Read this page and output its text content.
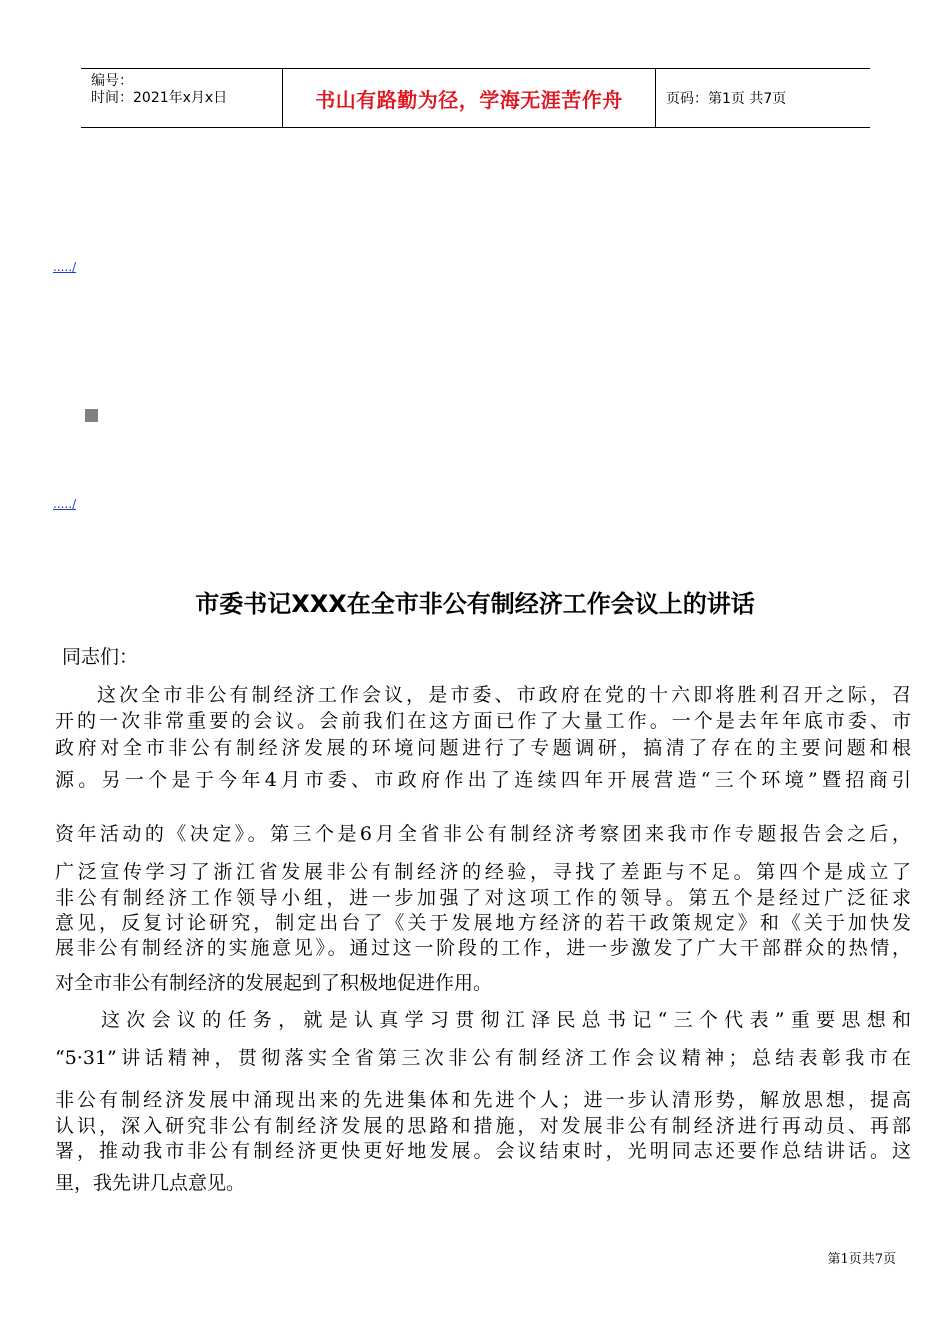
编号：
时间：2021年x月x日	书山有路勤为径，学海无涯苦作舟	页码：第1页 共7页
...../
...../
市委书记XXX在全市非公有制经济工作会议上的讲话
同志们：
这次全市非公有制经济工作会议，是市委、市政府在党的十六即将胜利召开之际，召
开的一次非常重要的会议。会前我们在这方面已作了大量工作。一个是去年年底市委、市
政府对全市非公有制经济发展的环境问题进行了专题调研，搞清了存在的主要问题和根
源。另一个是于今年4月市委、市政府作出了连续四年开展营造“三个环境”暨招商引
资年活动的《决定》。第三个是6月全省非公有制经济考察团来我市作专题报告会之后，
广泛宣传学习了浙江省发展非公有制经济的经验，寻找了差距与不足。第四个是成立了
非公有制经济工作领导小组，进一步加强了对这项工作的领导。第五个是经过广泛征求
意见，反复讨论研究，制定出台了《关于发展地方经济的若干政策规定》和《关于加快发
展非公有制经济的实施意见》。通过这一阶段的工作，进一步激发了广大干部群众的热情，
对全市非公有制经济的发展起到了积极地促进作用。
这次会议的任务，就是认真学习贯彻江泽民总书记“三个代表”重要思想和
“5·31”讲话精神，贯彻落实全省第三次非公有制经济工作会议精神；总结表彰我市在
非公有制经济发展中涌现出来的先进集体和先进个人；进一步认清形势，解放思想，提高
认识，深入研究非公有制经济发展的思路和措施，对发展非公有制经济进行再动员、再部
署，推动我市非公有制经济更快更好地发展。会议结束时，光明同志还要作总结讲话。这
里，我先讲几点意见。
第1页共7页
